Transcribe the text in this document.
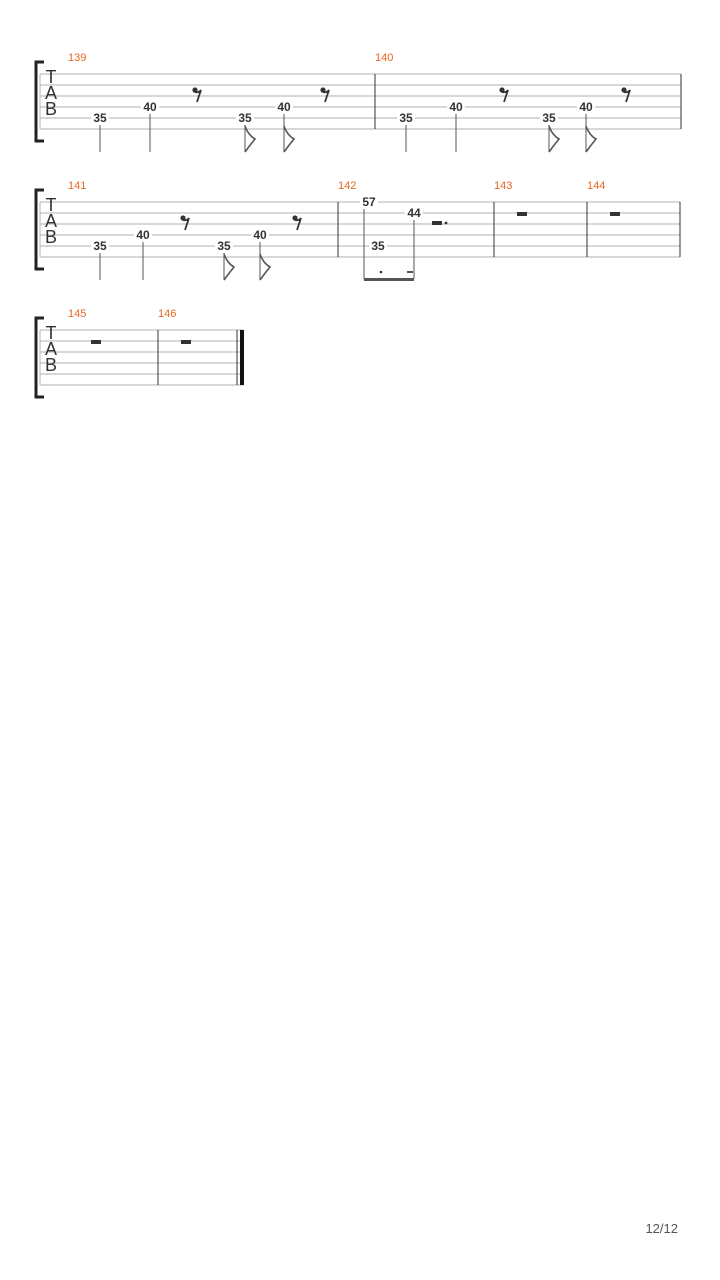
T
A
B
139
35
40
35
40
140
35
40
35
40
T
A
B
141
35
40
35
40
142
57
35
44
143	144
T
A
B
145	146
12/12
